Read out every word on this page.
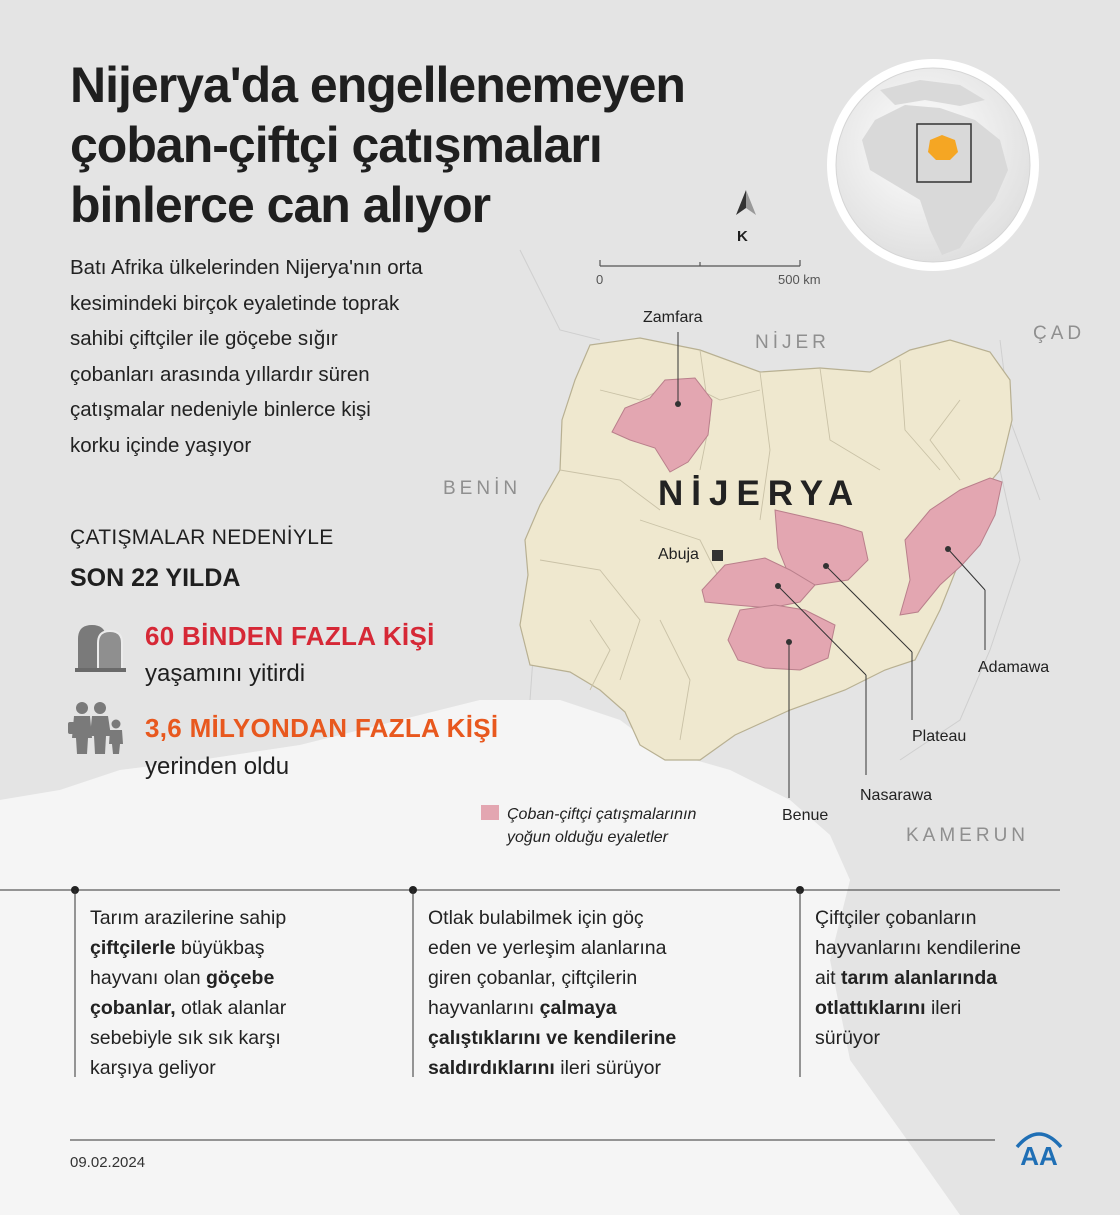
Nijerya'da engellenemeyen
çoban-çiftçi çatışmaları
binlerce can alıyor
Batı Afrika ülkelerinden Nijerya'nın orta
kesimindeki birçok eyaletinde toprak
sahibi çiftçiler ile göçebe sığır
çobanları arasında yıllardır süren
çatışmalar nedeniyle binlerce kişi
korku içinde yaşıyor
ÇATIŞMALAR NEDENİYLE
SON 22 YILDA
60 BİNDEN FAZLA KİŞİ
yaşamını yitirdi
3,6 MİLYONDAN FAZLA KİŞİ
yerinden oldu
K
0	500 km
NİJER	ÇAD
BENİN
KAMERUN
NİJERYA
Abuja
Zamfara
Adamawa
Plateau
Nasarawa
Benue
Çoban-çiftçi çatışmalarının
yoğun olduğu eyaletler
Tarım arazilerine sahip
çiftçilerle büyükbaş
hayvanı olan göçebe
çobanlar, otlak alanlar
sebebiyle sık sık karşı
karşıya geliyor
Otlak bulabilmek için göç
eden ve yerleşim alanlarına
giren çobanlar, çiftçilerin
hayvanlarını çalmaya
çalıştıklarını ve kendilerine
saldırdıklarını ileri sürüyor
Çiftçiler çobanların
hayvanlarını kendilerine
ait tarım alanlarında
otlattıklarını ileri
sürüyor
09.02.2024	AA
